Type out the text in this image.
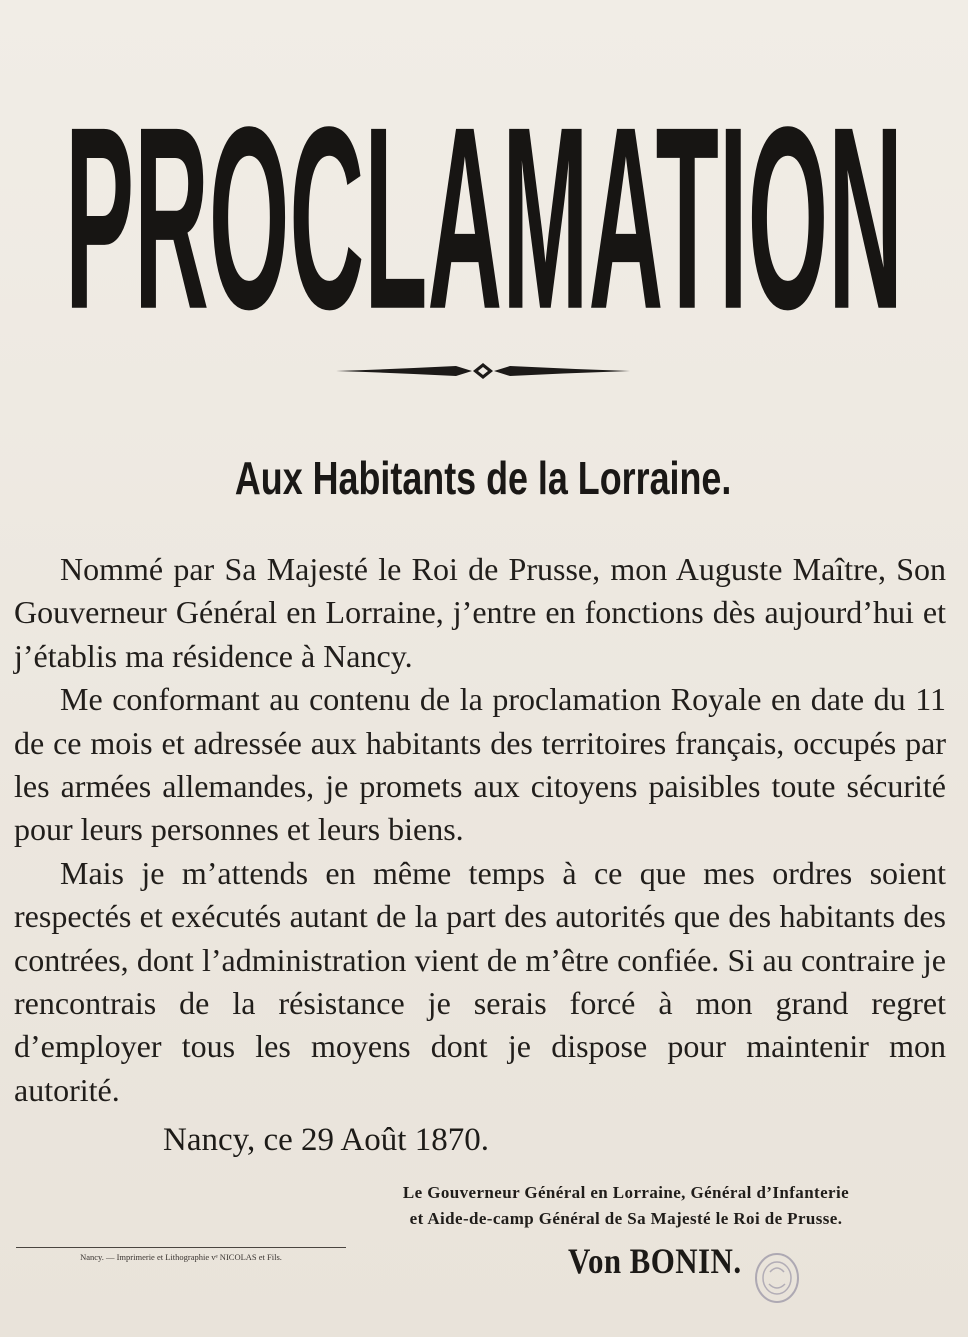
PROCLAMATION
Aux Habitants de la Lorraine.

Nommé par Sa Majesté le Roi de Prusse, mon Auguste Maître, Son Gouverneur Général en Lorraine, j’entre en fonctions dès aujourd’hui et j’établis ma résidence à Nancy.

Me conformant au contenu de la proclamation Royale en date du 11 de ce mois et adressée aux habitants des territoires français, occupés par les armées allemandes, je promets aux citoyens paisibles toute sécurité pour leurs personnes et leurs biens.

Mais je m’attends en même temps à ce que mes ordres soient respectés et exécutés autant de la part des autorités que des habitants des contrées, dont l’administration vient de m’être confiée. Si au contraire je rencontrais de la résistance je serais forcé à mon grand regret d’employer tous les moyens dont je dispose pour maintenir mon autorité.

Nancy, ce 29 Août 1870.
Le Gouverneur Général en Lorraine, Général d’Infanterie
et Aide-de-camp Général de Sa Majesté le Roi de Prusse.
Von BONIN.
Nancy. — Imprimerie et Lithographie vᵉ NICOLAS et Fils.
